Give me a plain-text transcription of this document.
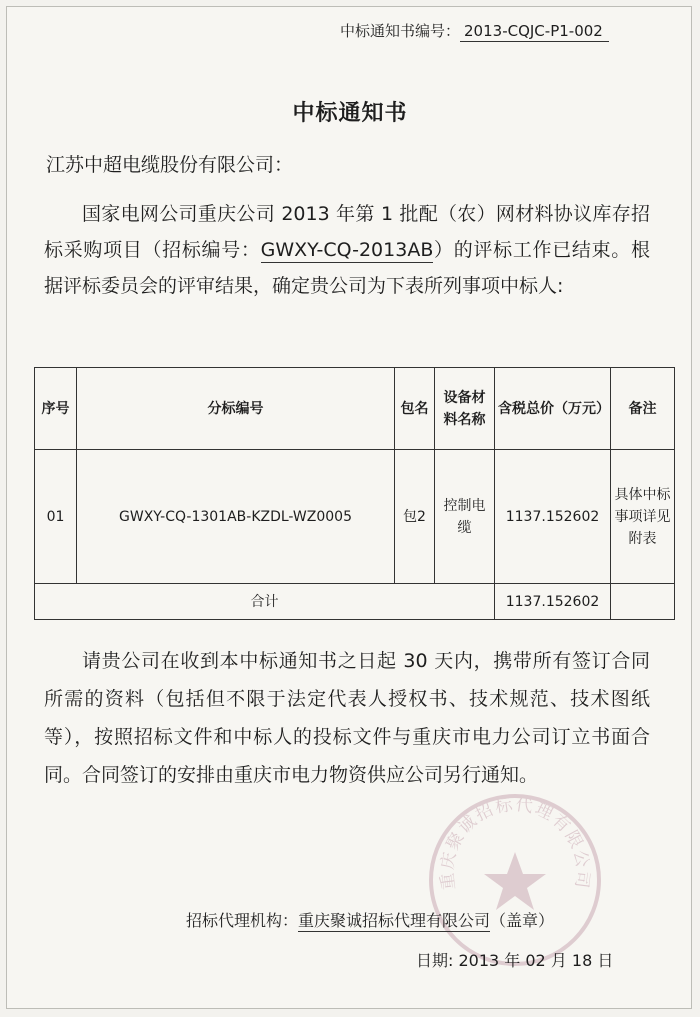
中标通知书编号： 2013-CQJC-P1-002
中标通知书
江苏中超电缆股份有限公司：

国家电网公司重庆公司 2013 年第 1 批配（农）网材料协议库存招标采购项目（招标编号：GWXY-CQ-2013AB）的评标工作已结束。根据评标委员会的评审结果，确定贵公司为下表所列事项中标人:

序号	分标编号	包名	设备材料名称	含税总价（万元）	备注
01	GWXY-CQ-1301AB-KZDL-WZ0005	包2	控制电缆	1137.152602	具体中标事项详见附表
合计				1137.152602	

请贵公司在收到本中标通知书之日起 30 天内，携带所有签订合同所需的资料（包括但不限于法定代表人授权书、技术规范、技术图纸等），按照招标文件和中标人的投标文件与重庆市电力公司订立书面合同。合同签订的安排由重庆市电力物资供应公司另行通知。

重庆聚诚招标代理有限公司
招标代理机构：重庆聚诚招标代理有限公司（盖章）
日期: 2013 年 02 月 18 日
